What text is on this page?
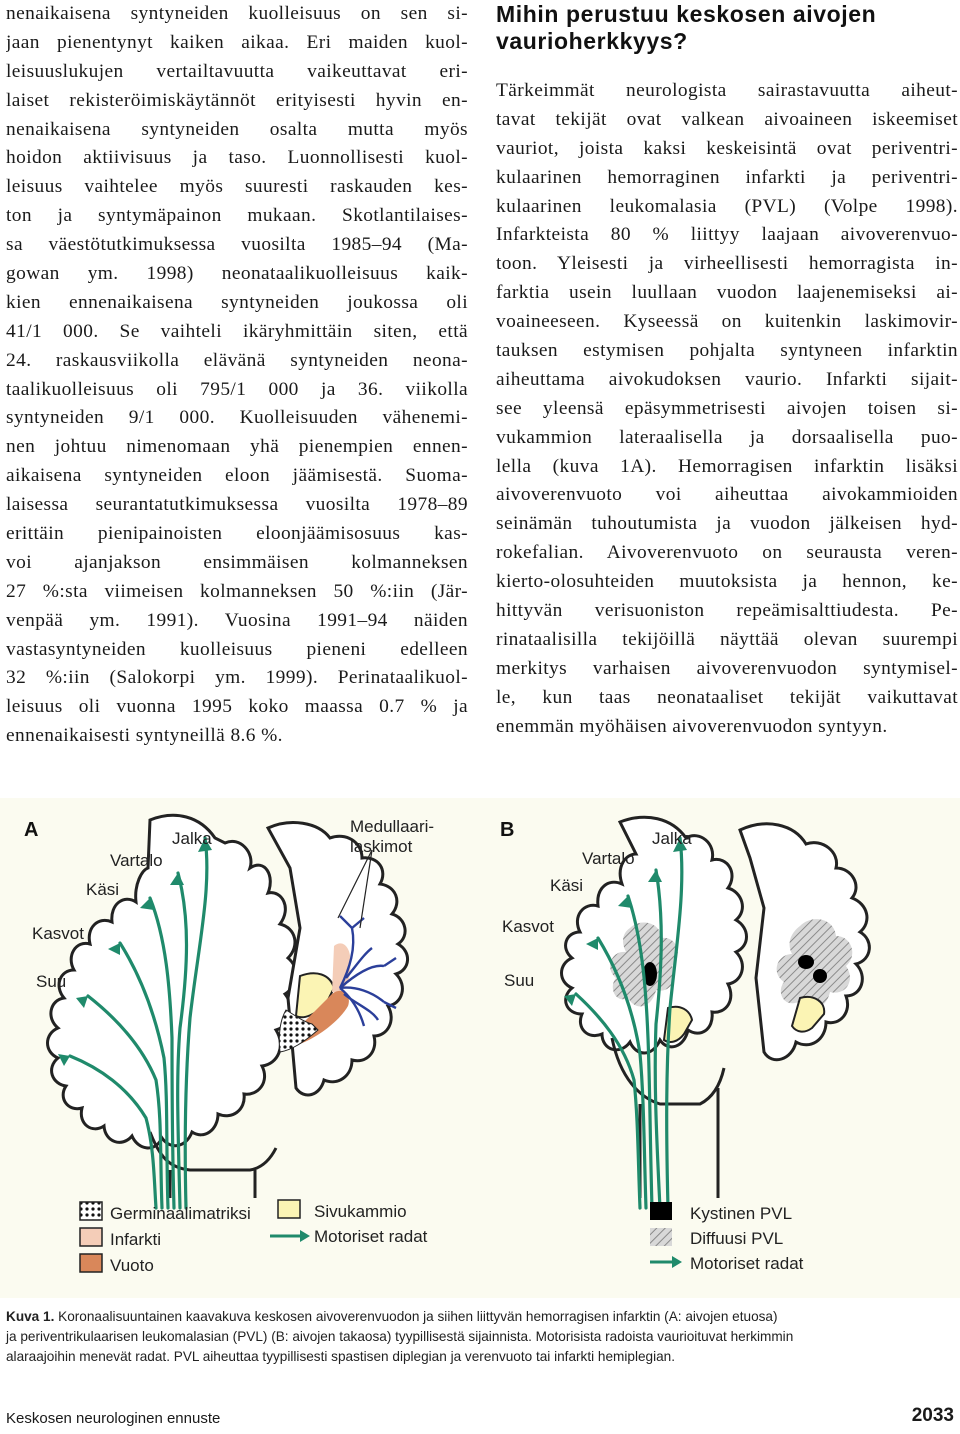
nenaikaisena syntyneiden kuolleisuus on sen si-
jaan pienentynyt kaiken aikaa. Eri maiden kuol-
leisuuslukujen vertailtavuutta vaikeuttavat eri-
laiset rekisteröimiskäytännöt erityisesti hyvin en-
nenaikaisena syntyneiden osalta mutta myös
hoidon aktiivisuus ja taso. Luonnollisesti kuol-
leisuus vaihtelee myös suuresti raskauden kes-
ton ja syntymäpainon mukaan. Skotlantilaises-
sa väestötutkimuksessa vuosilta 1985–94 (Ma-
gowan ym. 1998) neonataalikuolleisuus kaik-
kien ennenaikaisena syntyneiden joukossa oli
41/1 000. Se vaihteli ikäryhmittäin siten, että
24. raskausviikolla elävänä syntyneiden neona-
taalikuolleisuus oli 795/1 000 ja 36. viikolla
syntyneiden 9/1 000. Kuolleisuuden vähenemi-
nen johtuu nimenomaan yhä pienempien ennen-
aikaisena syntyneiden eloon jäämisestä. Suoma-
laisessa seurantatutkimuksessa vuosilta 1978–89
erittäin pienipainoisten eloonjäämisosuus kas-
voi ajanjakson ensimmäisen kolmanneksen
27 %:sta viimeisen kolmanneksen 50 %:iin (Jär-
venpää ym. 1991). Vuosina 1991–94 näiden
vastasyntyneiden kuolleisuus pieneni edelleen
32 %:iin (Salokorpi ym. 1999). Perinataalikuol-
leisuus oli vuonna 1995 koko maassa 0.7 % ja
ennenaikaisesti syntyneillä 8.6 %.
Mihin perustuu keskosen aivojen
vaurioherkkyys?
Tärkeimmät neurologista sairastavuutta aiheut-
tavat tekijät ovat valkean aivoaineen iskeemiset
vauriot, joista kaksi keskeisintä ovat periventri-
kulaarinen hemorraginen infarkti ja periventri-
kulaarinen leukomalasia (PVL) (Volpe 1998).
Infarkteista 80 % liittyy laajaan aivoverenvuo-
toon. Yleisesti ja virheellisesti hemorragista in-
farktia usein luullaan vuodon laajenemiseksi ai-
voaineeseen. Kyseessä on kuitenkin laskimovir-
tauksen estymisen pohjalta syntyneen infarktin
aiheuttama aivokudoksen vaurio. Infarkti sijait-
see yleensä epäsymmetrisesti aivojen toisen si-
vukammion lateraalisella ja dorsaalisella puo-
lella (kuva 1A). Hemorragisen infarktin lisäksi
aivoverenvuoto voi aiheuttaa aivokammioiden
seinämän tuhoutumista ja vuodon jälkeisen hyd-
rokefalian. Aivoverenvuoto on seurausta veren-
kierto-olosuhteiden muutoksista ja hennon, ke-
hittyvän verisuoniston repeämisalttiudesta. Pe-
rinataalisilla tekijöillä näyttää olevan suurempi
merkitys varhaisen aivoverenvuodon syntymisel-
le, kun taas neonataaliset tekijät vaikuttavat
enemmän myöhäisen aivoverenvuodon syntyyn.
A	Jalka
Vartalo
Käsi
Kasvot
Suu
Medullaari-
laskimot
B	Jalka
Vartalo
Käsi
Kasvot
Suu
Germinaalimatriksi
Infarkti
Vuoto
Sivukammio
Motoriset radat
Kystinen PVL
Diffuusi PVL
Motoriset radat
Kuva 1. Koronaalisuuntainen kaavakuva keskosen aivoverenvuodon ja siihen liittyvän hemorragisen infarktin (A: aivojen etuosa)
ja periventrikulaarisen leukomalasian (PVL) (B: aivojen takaosa) tyypillisestä sijainnista. Motorisista radoista vaurioituvat herkimmin
alaraajoihin menevät radat. PVL aiheuttaa tyypillisesti spastisen diplegian ja verenvuoto tai infarkti hemiplegian.
Keskosen neurologinen ennuste	2033
